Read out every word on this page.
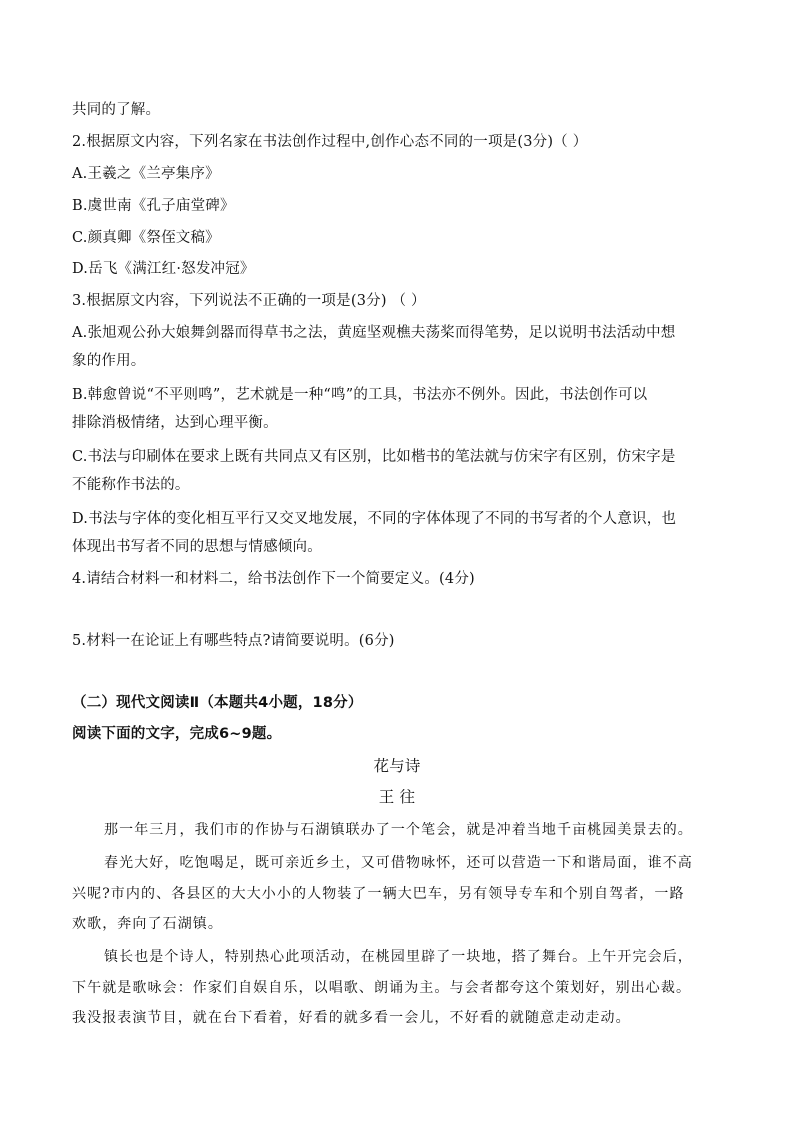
共同的了解。
2.根据原文内容，下列名家在书法创作过程中,创作心态不同的一项是(3分)（ ）
A.王羲之《兰亭集序》
B.虞世南《孔子庙堂碑》
C.颜真卿《祭侄文稿》
D.岳飞《满江红·怒发冲冠》
3.根据原文内容，下列说法不正确的一项是(3分) （ ）
A.张旭观公孙大娘舞剑器而得草书之法，黄庭坚观樵夫荡桨而得笔势，足以说明书法活动中想
象的作用。
B.韩愈曾说“不平则鸣”，艺术就是一种“鸣”的工具，书法亦不例外。因此，书法创作可以
排除消极情绪，达到心理平衡。
C.书法与印刷体在要求上既有共同点又有区别，比如楷书的笔法就与仿宋字有区别，仿宋字是
不能称作书法的。
D.书法与字体的变化相互平行又交叉地发展，不同的字体体现了不同的书写者的个人意识，也
体现出书写者不同的思想与情感倾向。
4.请结合材料一和材料二，给书法创作下一个简要定义。(4分)
5.材料一在论证上有哪些特点?请简要说明。(6分)
（二）现代文阅读Ⅱ（本题共4小题，18分）
阅读下面的文字，完成6~9题。
花与诗
王 往
那一年三月，我们市的作协与石湖镇联办了一个笔会，就是冲着当地千亩桃园美景去的。
春光大好，吃饱喝足，既可亲近乡土，又可借物咏怀，还可以营造一下和谐局面，谁不高
兴呢?市内的、各县区的大大小小的人物装了一辆大巴车，另有领导专车和个别自驾者，一路
欢歌，奔向了石湖镇。
镇长也是个诗人，特别热心此项活动，在桃园里辟了一块地，搭了舞台。上午开完会后，
下午就是歌咏会：作家们自娱自乐，以唱歌、朗诵为主。与会者都夸这个策划好，别出心裁。
我没报表演节目，就在台下看着，好看的就多看一会儿，不好看的就随意走动走动。
